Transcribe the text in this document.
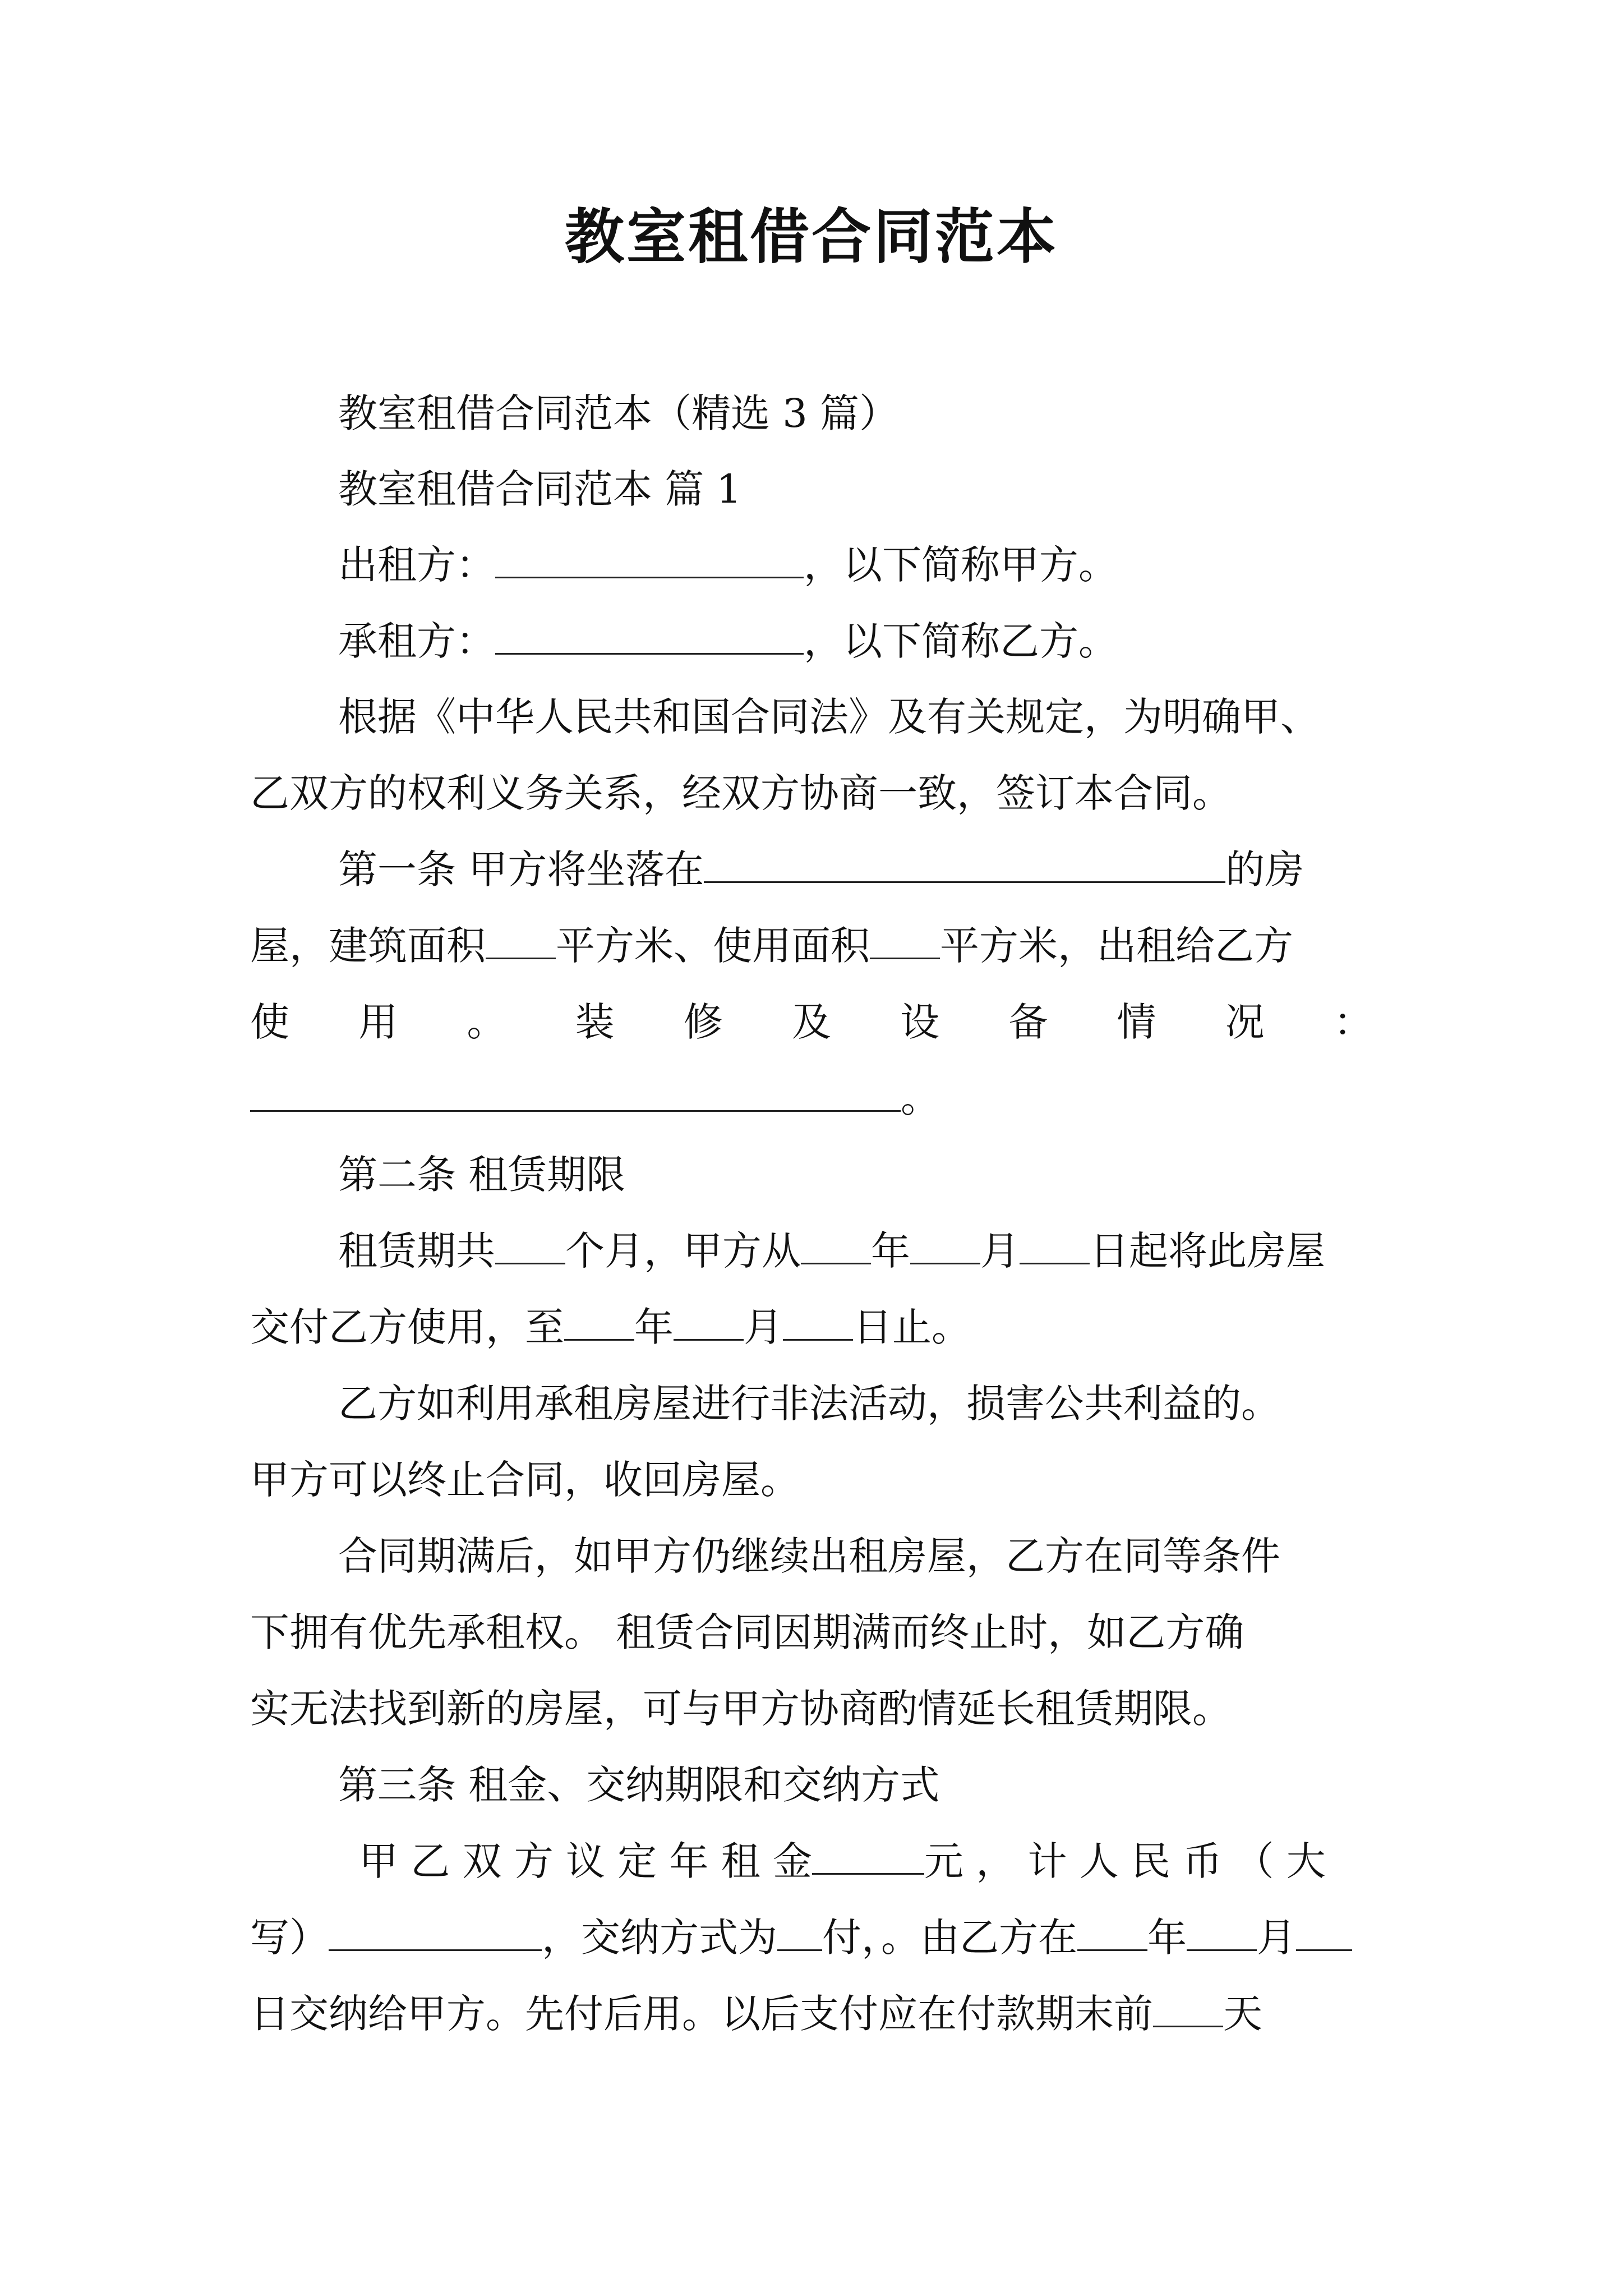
教室租借合同范本
教室租借合同范本（精选 3 篇）
教室租借合同范本 篇 1
出租方：	，以下简称甲方。
承租方：	，以下简称乙方。
根据《中华人民共和国合同法》及有关规定，为明确甲、
乙双方的权利义务关系，经双方协商一致，签订本合同。
第一条 甲方将坐落在	的房
屋，建筑面积 平方米、使用面积 平方米，出租给乙方
使 用 。 装 修 及 设 备 情 况 ：
。
第二条 租赁期限
租赁期共 个月，甲方从 年 月 日起将此房屋
交付乙方使用，至 年 月 日止。
乙方如利用承租房屋进行非法活动，损害公共利益的。
甲方可以终止合同，收回房屋。
合同期满后，如甲方仍继续出租房屋，乙方在同等条件
下拥有优先承租权。 租赁合同因期满而终止时，如乙方确
实无法找到新的房屋，可与甲方协商酌情延长租赁期限。
第三条 租金、交纳期限和交纳方式
甲 乙 双 方 议 定 年 租 金	元 ， 计 人 民 币 （ 大
写）	，交纳方式为 付，。由乙方在 年 月
日交纳给甲方。先付后用。以后支付应在付款期末前 天
